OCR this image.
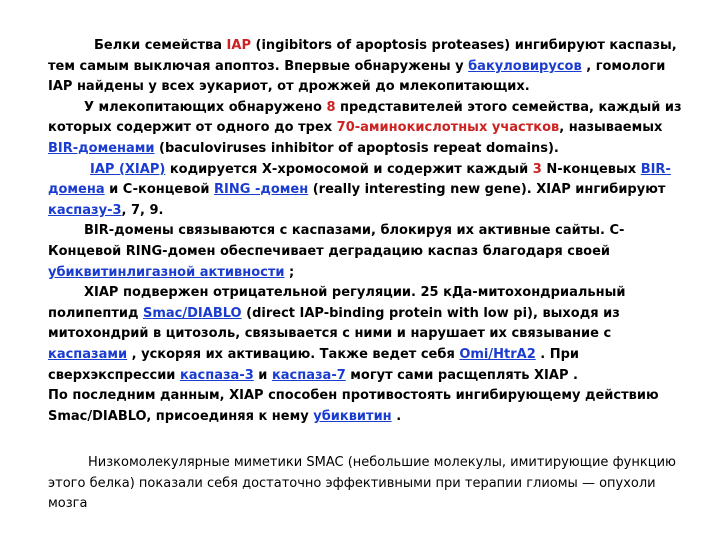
Белки семейства IAP (ingibitors of apoptosis proteases) ингибируют каспазы, тем самым выключая апоптоз. Впервые обнаружены у бакуловирусов , гомологи IAP найдены у всех эукариот, от дрожжей до млекопитающих.

У млекопитающих обнаружено 8 представителей этого семейства, каждый из которых содержит от одного до трех 70-аминокислотных участков, называемых BIR-доменами (baculoviruses inhibitor of apoptosis repeat domains).

IAP (XIAP) кодируется Х-хромосомой и содержит каждый 3 N-концевых BIR-домена и C-концевой RING -домен (really interesting new gene). XIAP ингибируют каспазу-3, 7, 9.

BIR-домены связываются с каспазами, блокируя их активные сайты. С-Концевой RING-домен обеспечивает деградацию каспаз благодаря своей убиквитинлигазной активности ;

XIAP подвержен отрицательной регуляции. 25 кДа-митохондриальный полипептид Smac/DIABLO (direct IAP-binding protein with low pi), выходя из митохондрий в цитозоль, связывается с ними и нарушает их связывание с каспазами , ускоряя их активацию. Также ведет себя Omi/HtrA2 . При сверхэкспрессии каспаза-3 и каспаза-7 могут сами расщеплять XIAP .

По последним данным, XIAP способен противостоять ингибирующему действию Smac/DIABLO, присоединяя к нему убиквитин .

Низкомолекулярные миметики SMAC (небольшие молекулы, имитирующие функцию этого белка) показали себя достаточно эффективными при терапии глиомы — опухоли мозга
